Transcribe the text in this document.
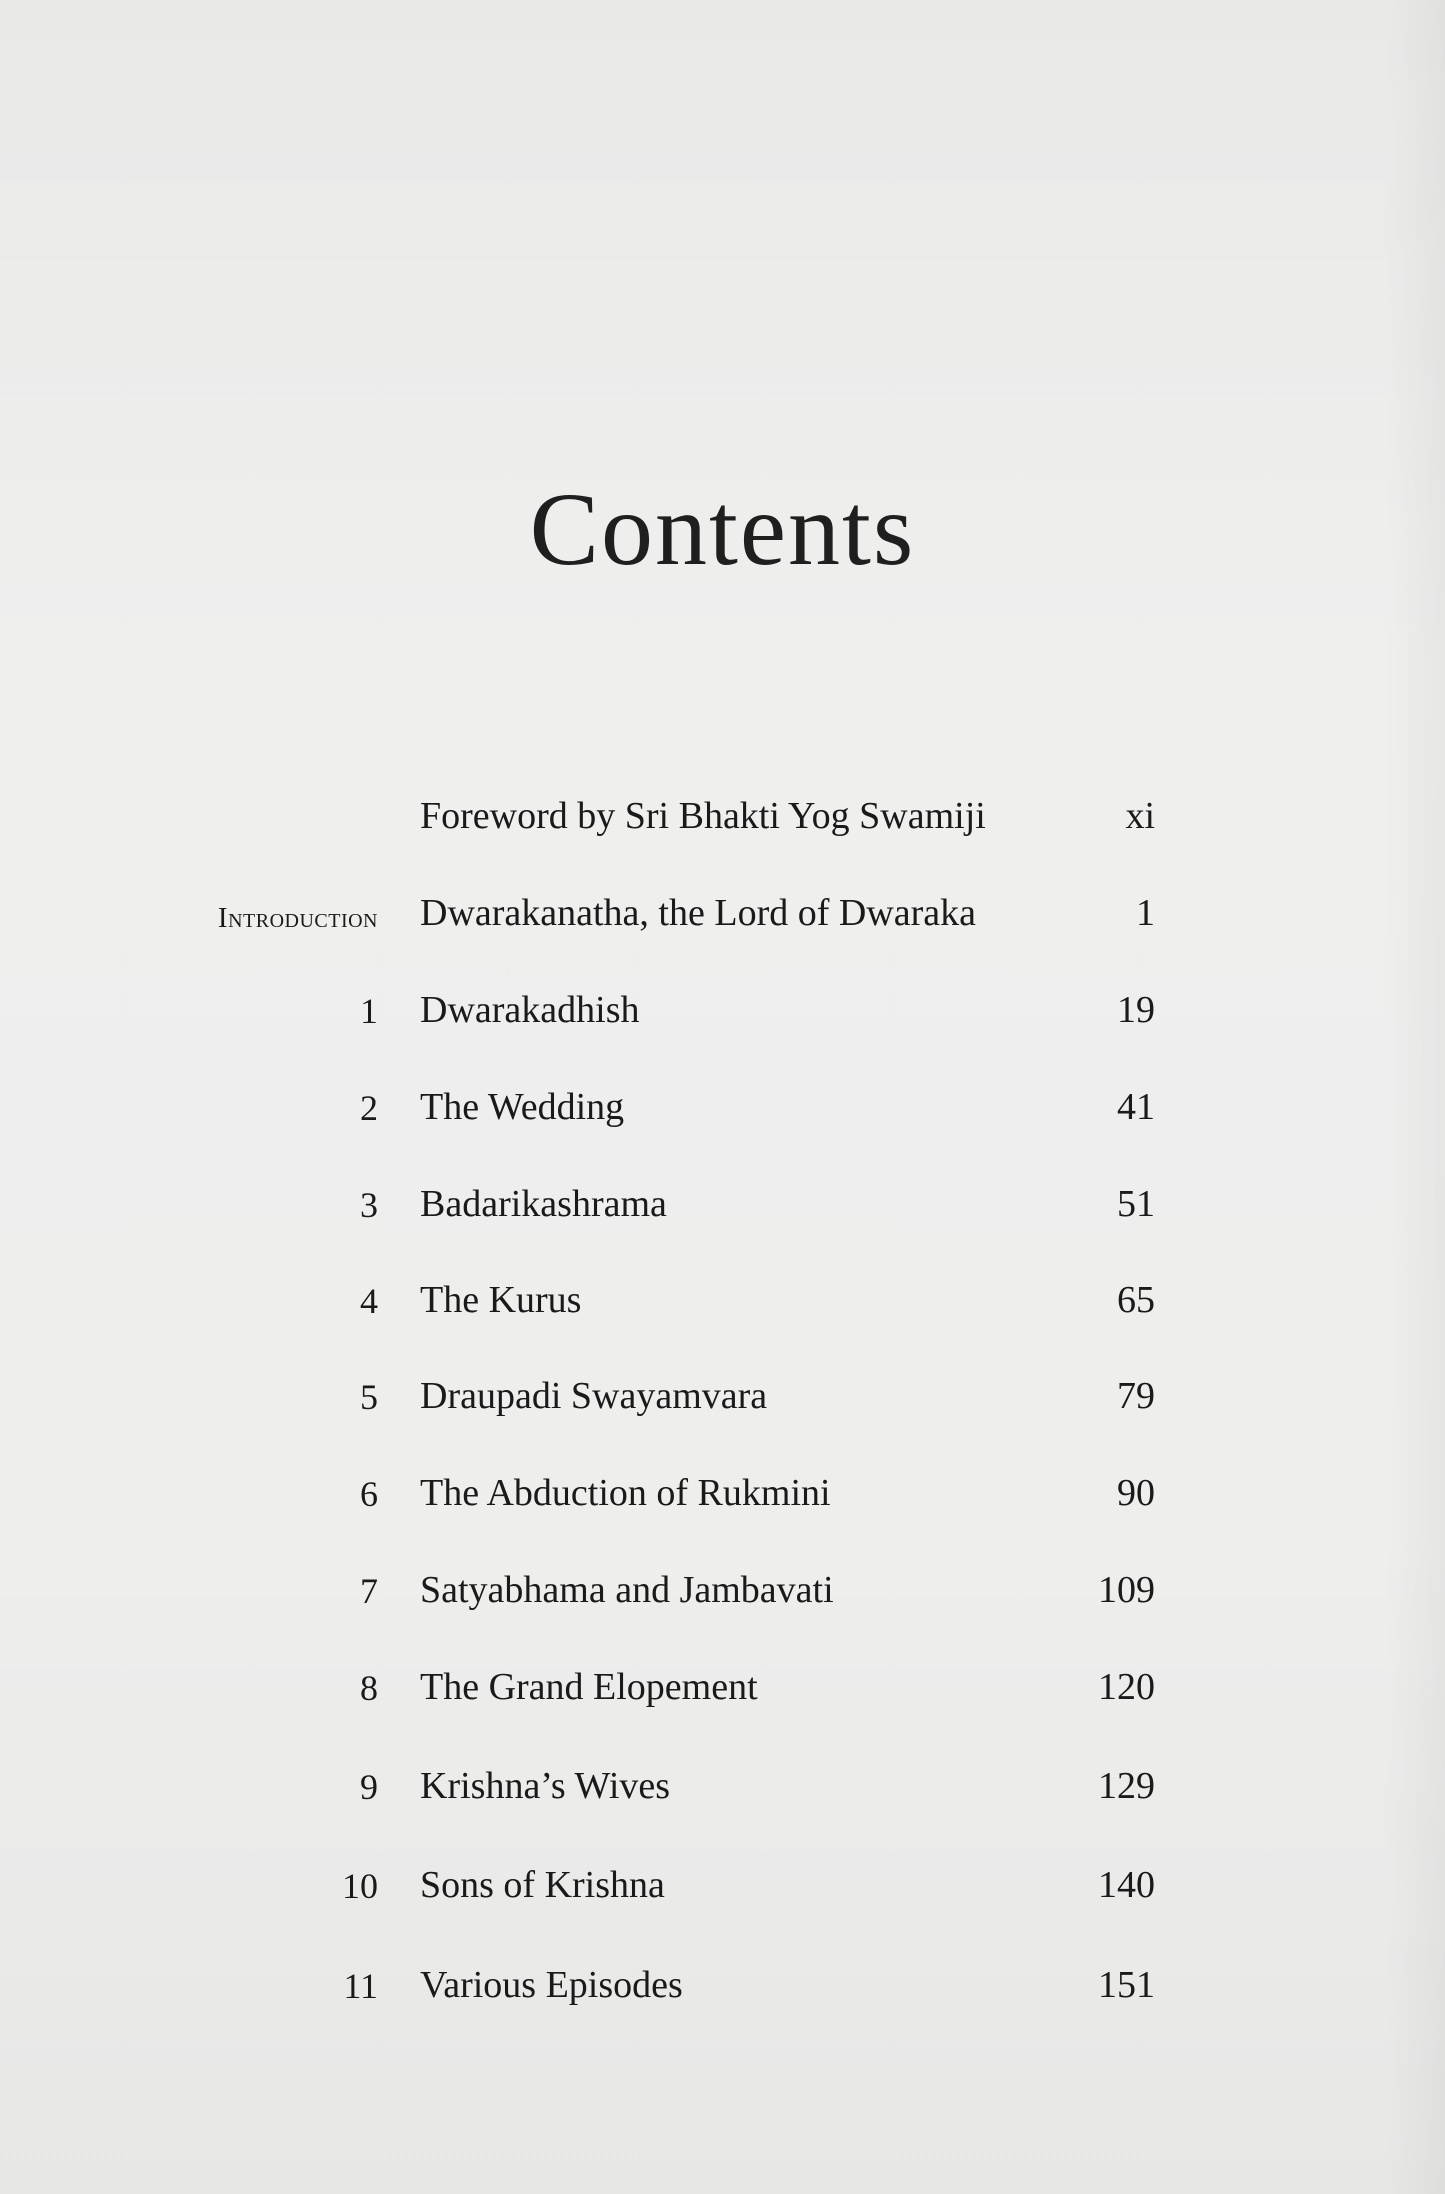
Contents
Foreword by Sri Bhakti Yog Swamiji	xi
Introduction Dwarakanatha, the Lord of Dwaraka	1
1 Dwarakadhish	19
2 The Wedding	41
3 Badarikashrama	51
4 The Kurus	65
5 Draupadi Swayamvara	79
6 The Abduction of Rukmini	90
7 Satyabhama and Jambavati	109
8 The Grand Elopement	120
9 Krishna’s Wives	129
10 Sons of Krishna	140
11 Various Episodes	151
